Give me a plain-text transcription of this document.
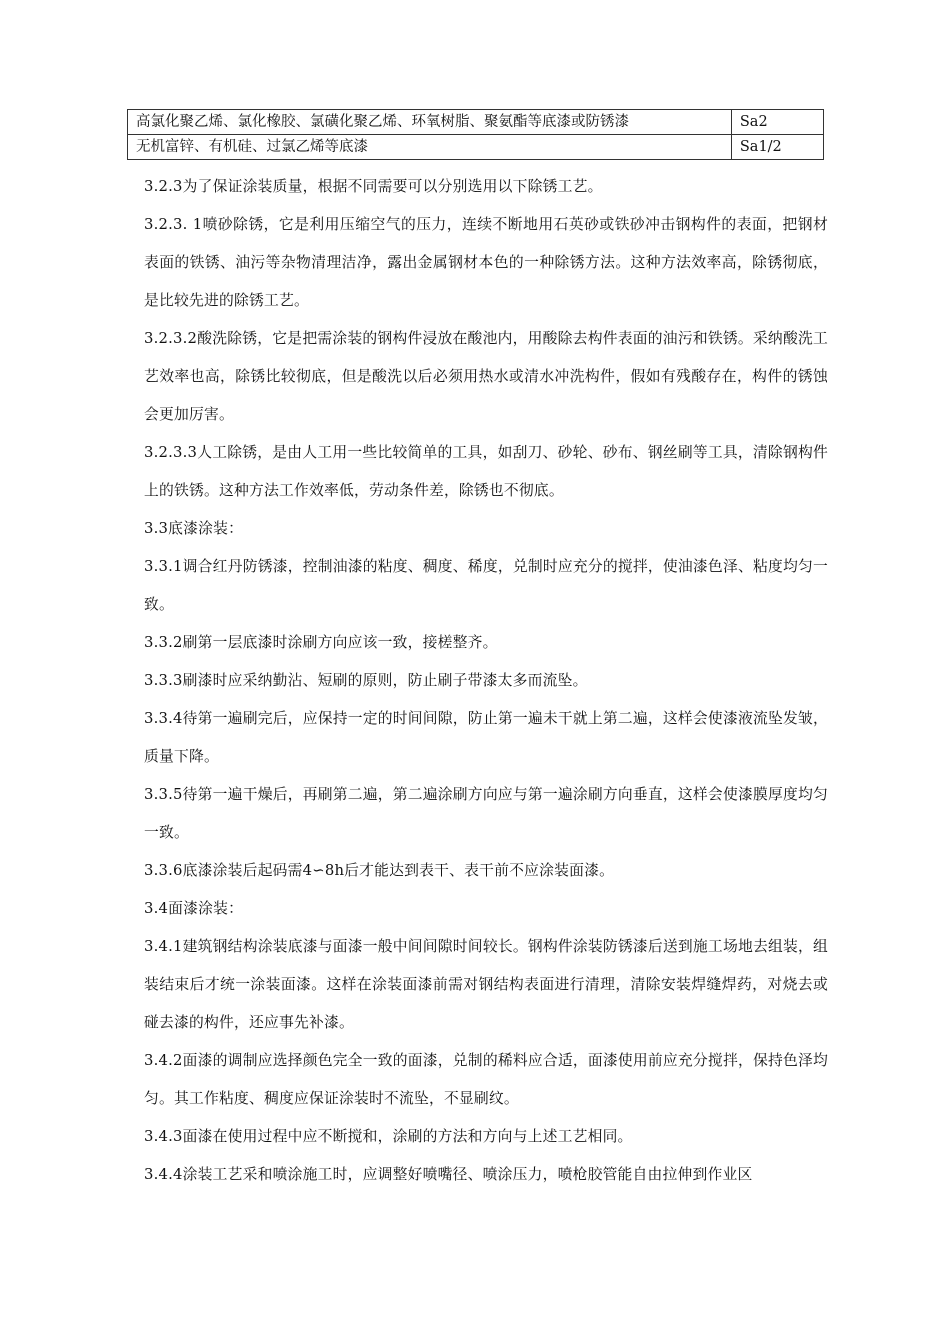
高氯化聚乙烯、氯化橡胶、氯磺化聚乙烯、环氧树脂、聚氨酯等底漆或防锈漆	Sa2
无机富锌、有机硅、过氯乙烯等底漆	Sa1/2

3.2.3为了保证涂装质量，根据不同需要可以分别选用以下除锈工艺。

3.2.3. 1喷砂除锈，它是利用压缩空气的压力，连续不断地用石英砂或铁砂冲击钢构件的表面，把钢材表面的铁锈、油污等杂物清理洁净，露出金属钢材本色的一种除锈方法。这种方法效率高，除锈彻底，是比较先进的除锈工艺。

3.2.3.2酸洗除锈，它是把需涂装的钢构件浸放在酸池内，用酸除去构件表面的油污和铁锈。采纳酸洗工艺效率也高，除锈比较彻底，但是酸洗以后必须用热水或清水冲洗构件，假如有残酸存在，构件的锈蚀会更加厉害。

3.2.3.3人工除锈，是由人工用一些比较简单的工具，如刮刀、砂轮、砂布、钢丝刷等工具，清除钢构件上的铁锈。这种方法工作效率低，劳动条件差，除锈也不彻底。

3.3底漆涂装：

3.3.1调合红丹防锈漆，控制油漆的粘度、稠度、稀度，兑制时应充分的搅拌，使油漆色泽、粘度均匀一致。

3.3.2刷第一层底漆时涂刷方向应该一致，接槎整齐。

3.3.3刷漆时应采纳勤沾、短刷的原则，防止刷子带漆太多而流坠。

3.3.4待第一遍刷完后，应保持一定的时间间隙，防止第一遍未干就上第二遍，这样会使漆液流坠发皱，质量下降。

3.3.5待第一遍干燥后，再刷第二遍，第二遍涂刷方向应与第一遍涂刷方向垂直，这样会使漆膜厚度均匀一致。

3.3.6底漆涂装后起码需4∽8h后才能达到表干、表干前不应涂装面漆。

3.4面漆涂装：

3.4.1建筑钢结构涂装底漆与面漆一般中间间隙时间较长。钢构件涂装防锈漆后送到施工场地去组装，组装结束后才统一涂装面漆。这样在涂装面漆前需对钢结构表面进行清理，清除安装焊缝焊药，对烧去或碰去漆的构件，还应事先补漆。

3.4.2面漆的调制应选择颜色完全一致的面漆，兑制的稀料应合适，面漆使用前应充分搅拌，保持色泽均匀。其工作粘度、稠度应保证涂装时不流坠，不显刷纹。

3.4.3面漆在使用过程中应不断搅和，涂刷的方法和方向与上述工艺相同。

3.4.4涂装工艺采和喷涂施工时，应调整好喷嘴径、喷涂压力，喷枪胶管能自由拉伸到作业区
